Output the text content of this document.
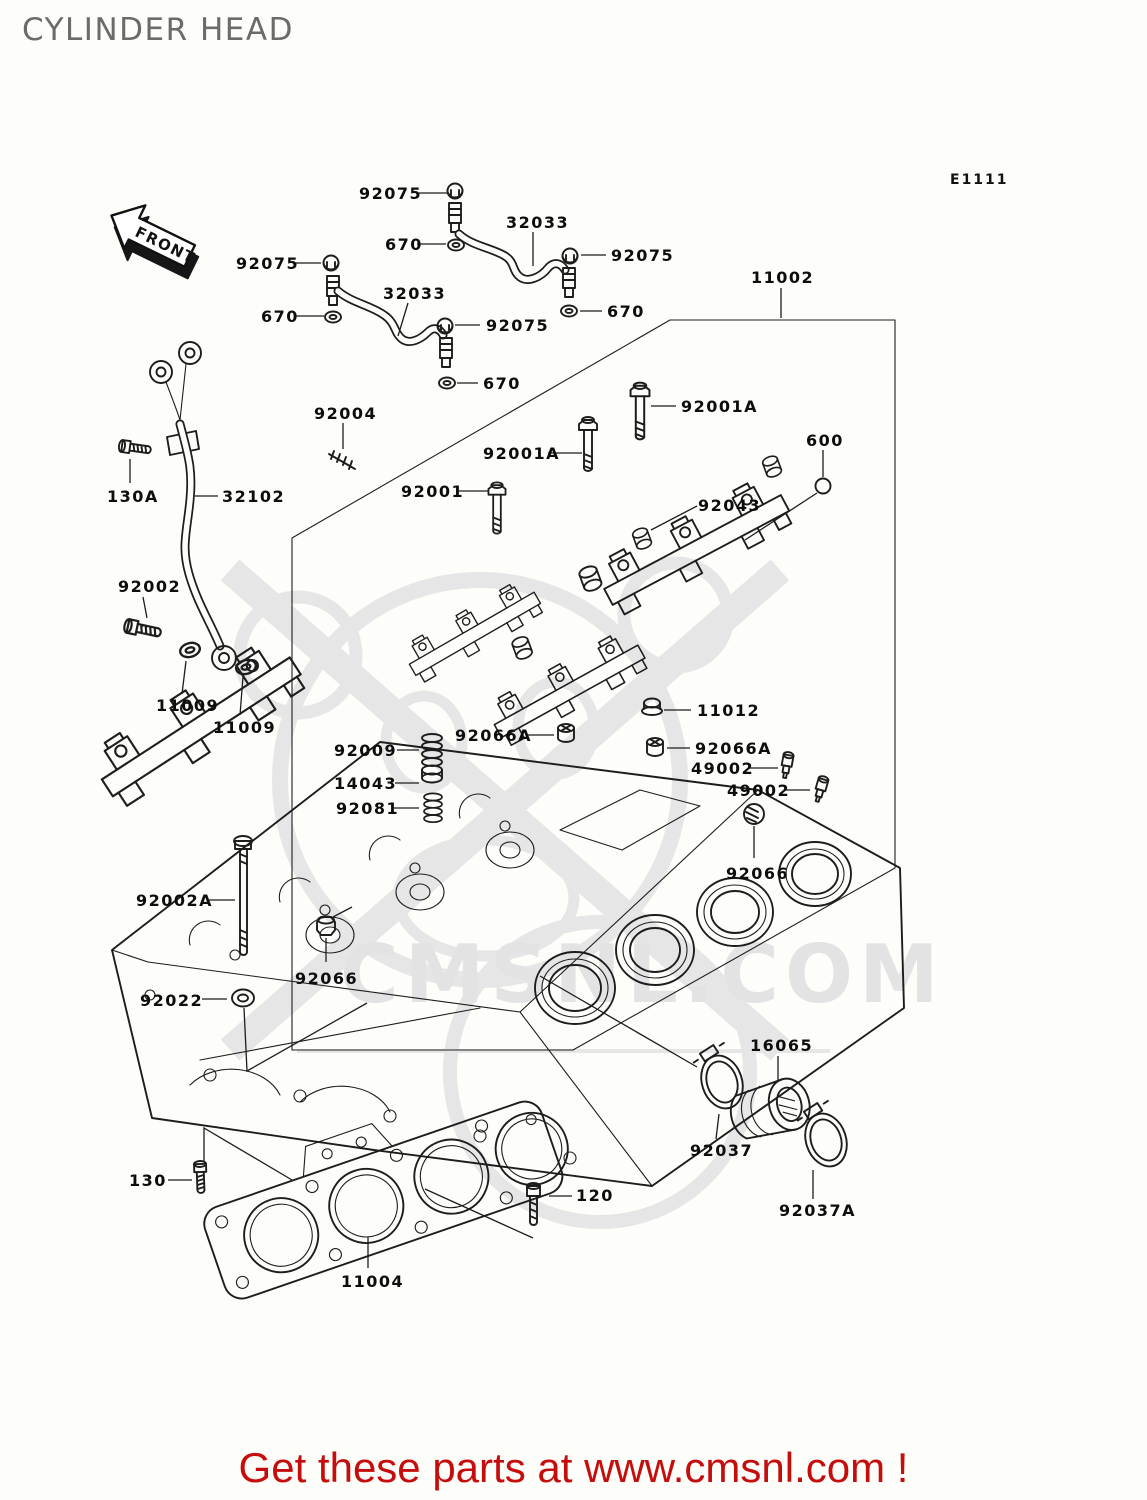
CYLINDER HEAD
CMSNL.COM
FRONT
E1111
92075
670
32033
92075
670
92075
670
32033
92075
670
11002
92001A
92001A
92001
92043
600
92004
130A	32102
92002
11009
11009	92066A
11012
92066A
92009
14043
92081
49002
49002
92066
92002A
92022
92066
16065
92037
92037A
130
120
11004
Get these parts at www.cmsnl.com !
